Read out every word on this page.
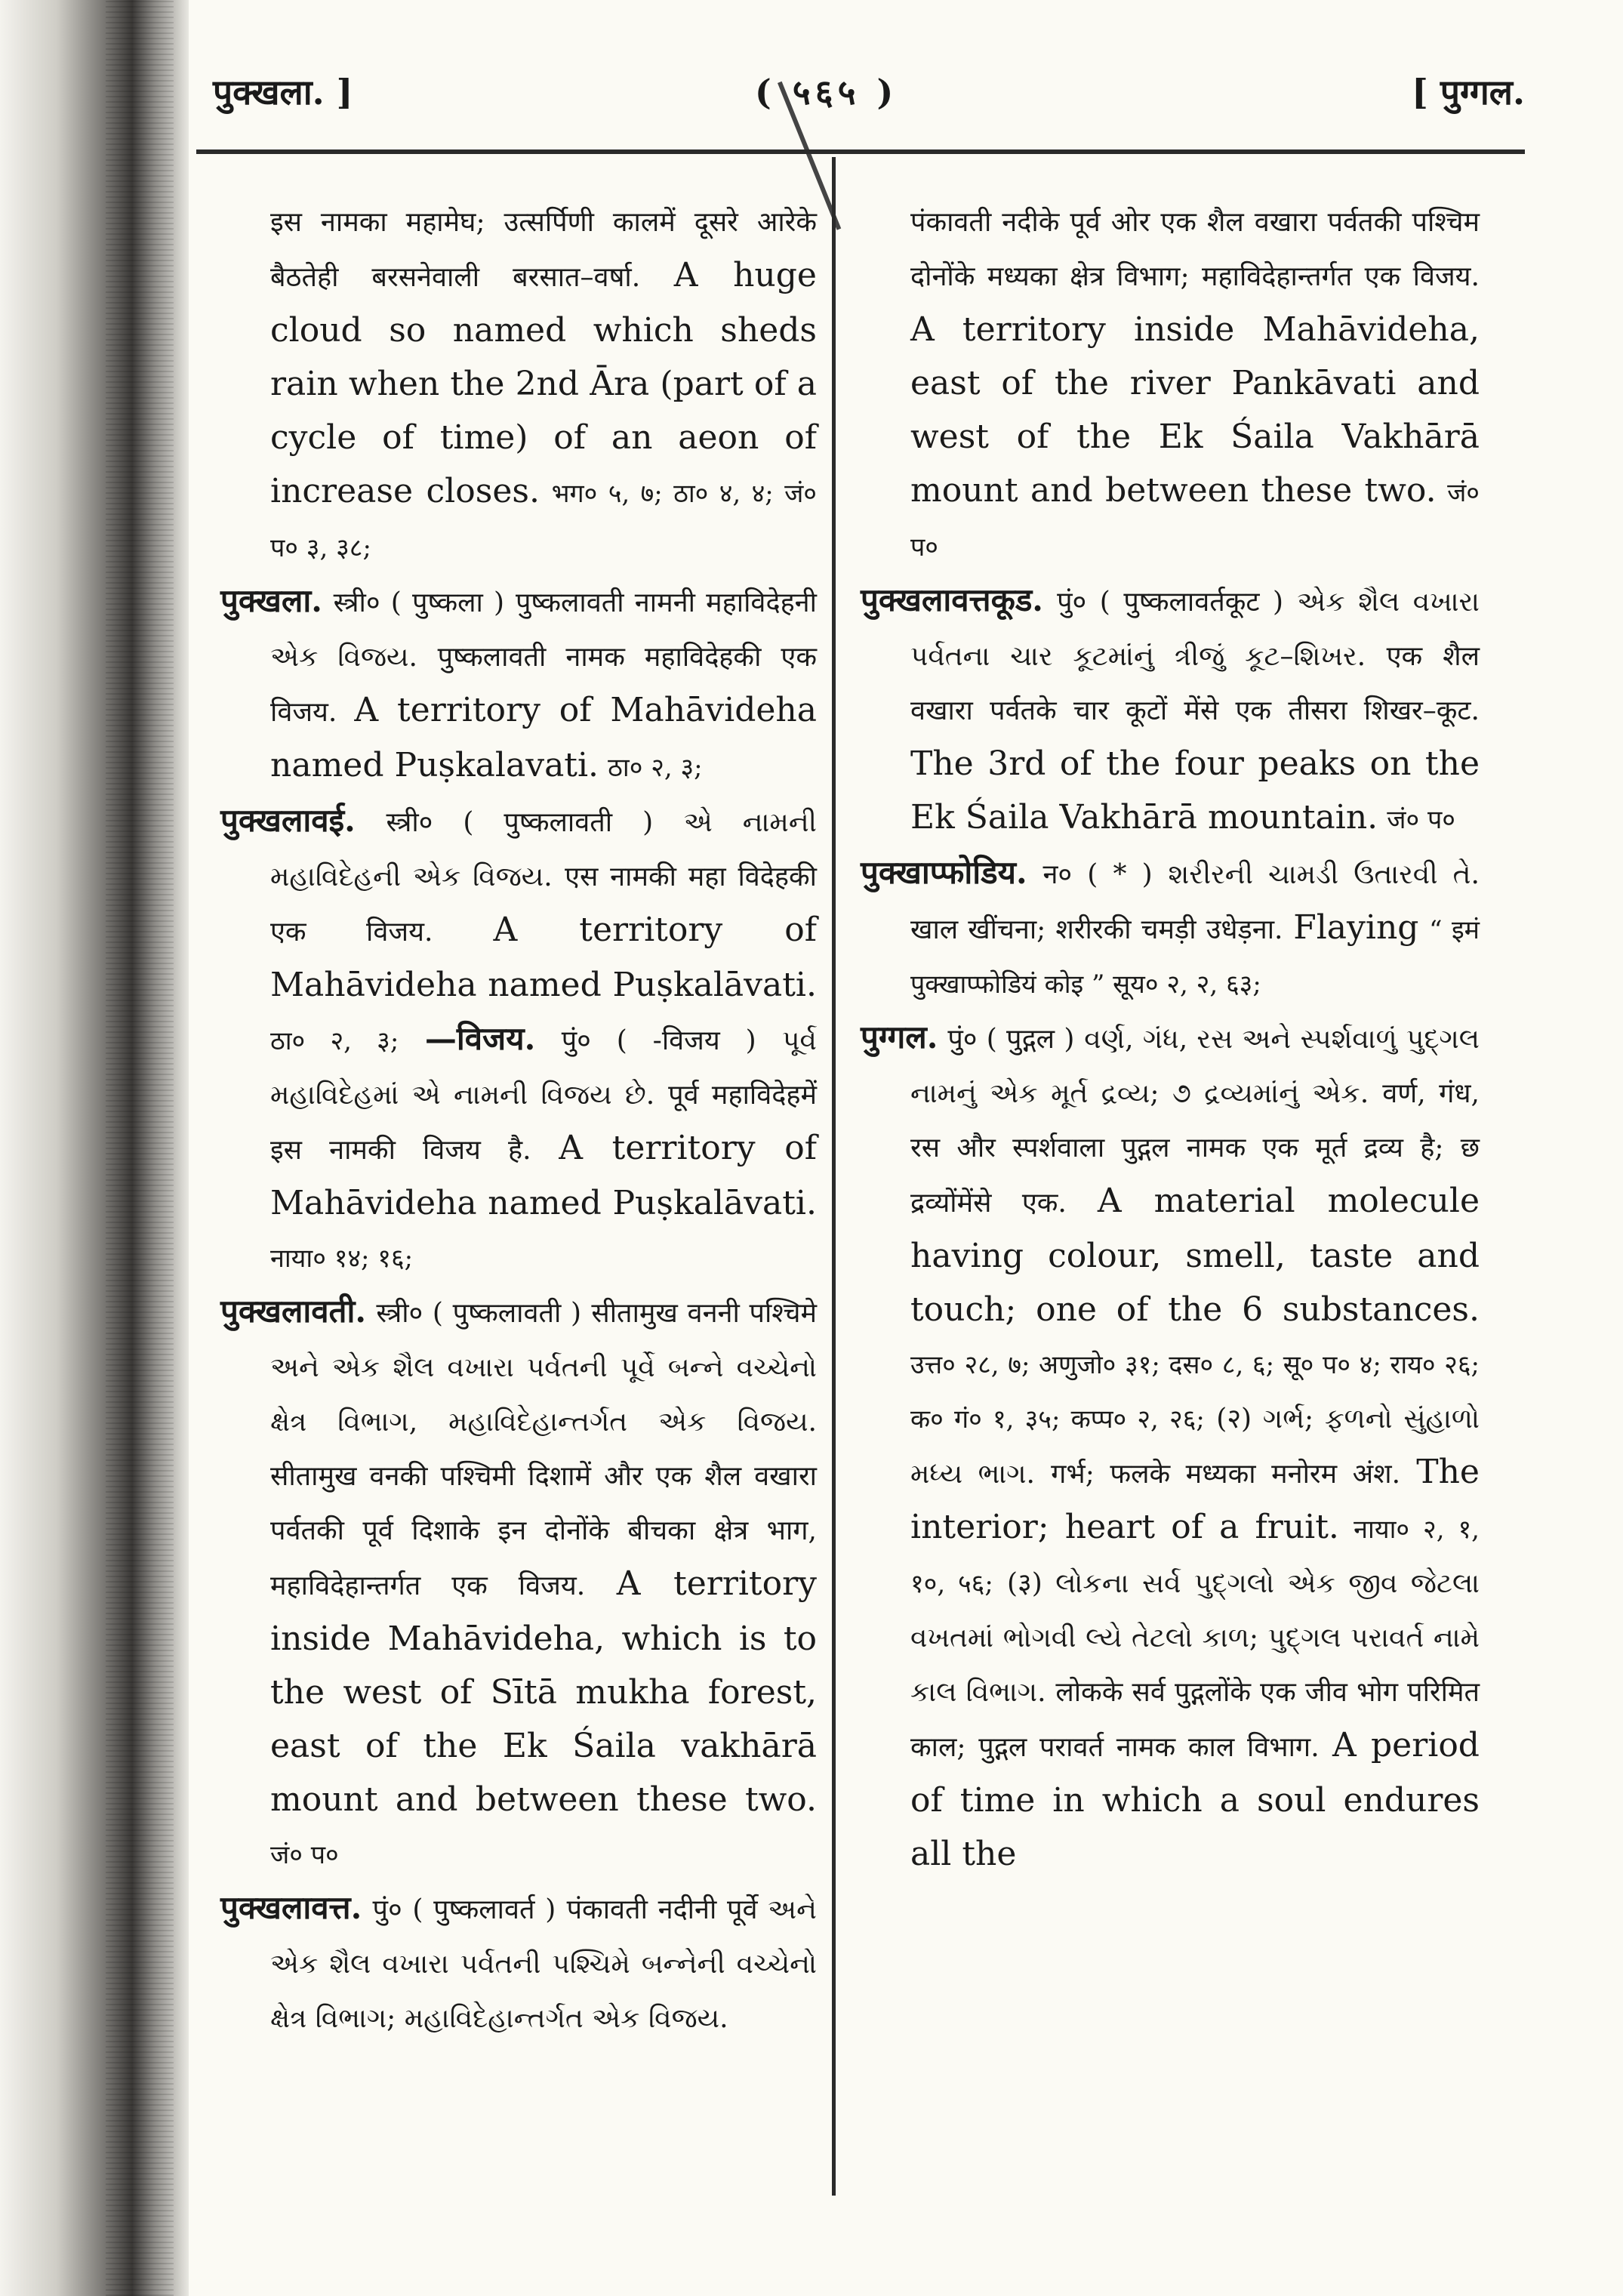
पुक्खला. ]	( ५६५ )	[ पुग्गल.

इस नामका महामेघ; उत्सर्पिणी कालमें दूसरे आरेके बैठतेही बरसनेवाली बरसात–वर्षा. A huge cloud so named which sheds rain when the 2nd Āra (part of a cycle of time) of an aeon of increase closes. भग० ५, ७; ठा० ४, ४; जं० प० ३, ३८;

पुक्खला. स्त्री० ( पुष्कला ) पुष्कलावती नामनी महाविदेहनी એક વિજય. पुष्कलावती नामक महाविदेहकी एक विजय. A territory of Mahāvideha named Puṣkalavati. ठा० २, ३;

पुक्खलावई. स्त्री० ( पुष्कलावती ) એ નામની મહાવિદેહની એક વિજય. एस नामकी महा विदेहकी एक विजय. A territory of Mahāvideha named Puṣkalāvati. ठा० २, ३; —विजय. पुं० ( -विजय ) પૂર્વ મહાવિદેહમાં એ નામની વિજય છે. पूर्व महाविदेहमें इस नामकी विजय है. A territory of Mahāvideha named Puṣkalāvati. नाया० १४; १६;

पुक्खलावती. स्त्री० ( पुष्कलावती ) सीतामुख वननी पश्चिमे અને એક શૈલ વખારા પર્વતની પૂર્વે બન્ને વચ્ચેનો ક્ષેત્ર વિભાગ, મહાવિદેહાન્તર્ગત એક વિજય. सीतामुख वनकी पश्चिमी दिशामें और एक शैल वखारा पर्वतकी पूर्व दिशाके इन दोनोंके बीचका क्षेत्र भाग, महाविदेहान्तर्गत एक विजय. A territory inside Mahāvideha, which is to the west of Sītā mukha forest, east of the Ek Śaila vakhārā mount and between these two. जं० प०

पुक्खलावत्त. पुं० ( पुष्कलावर्त ) पंकावती नदीनी पूर्वे અને એક શૈલ વખારા પર્વતની પશ્ચિમે બન્નેની વચ્ચેનો ક્ષેત્ર વિભાગ; મહાવિદેહાન્તર્ગત એક વિજય.

पंकावती नदीके पूर्व ओर एक शैल वखारा पर्वतकी पश्चिम दोनोंके मध्यका क्षेत्र विभाग; महाविदेहान्तर्गत एक विजय. A territory inside Mahāvideha, east of the river Pankāvati and west of the Ek Śaila Vakhārā mount and between these two. जं० प०

पुक्खलावत्तकूड. पुं० ( पुष्कलावर्तकूट ) એક શૈલ વખારા પર્વતના ચાર કૂટમાંનું ત્રીજું કૂટ–શિખર. एक शैल वखारा पर्वतके चार कूटों मेंसे एक तीसरा शिखर–कूट. The 3rd of the four peaks on the Ek Śaila Vakhārā mountain. जं० प०

पुक्खाप्फोडिय. न० ( * ) શરીરની ચામડી ઉતારવી તે. खाल खींचना; शरीरकी चमड़ी उधेड़ना. Flaying “ इमं पुक्खाप्फोडियं कोइ ” सूय० २, २, ६३;

पुग्गल. पुं० ( पुद्गल ) વર્ણ, ગંધ, રસ અને સ્પર્શવાળું પુદ્ગલ નામનું એક મૂર્ત દ્રવ્ય; ૭ દ્રવ્યમાંનું એક. वर्ण, गंध, रस और स्पर्शवाला पुद्गल नामक एक मूर्त द्रव्य है; छ द्रव्योंमेंसे एक. A material molecule having colour, smell, taste and touch; one of the 6 substances. उत्त० २८, ७; अणुजो० ३१; दस० ८, ६; सू० प० ४; राय० २६; क० गं० १, ३५; कप्प० २, २६; (२) ગર્ભ; ફળનો સુંહાળો મધ્ય ભાગ. गर्भ; फलके मध्यका मनोरम अंश. The interior; heart of a fruit. नाया० २, १, १०, ५६; (३) લોકના સર્વ પુદ્ગલો એક જીવ જેટલા વખતમાં ભોગવી લ્યે તેટલો કાળ; પુદ્ગલ પરાવર્ત નામે કાલ વિભાગ. लोकके सर्व पुद्गलोंके एक जीव भोग परिमित काल; पुद्गल परावर्त नामक काल विभाग. A period of time in which a soul endures all the
